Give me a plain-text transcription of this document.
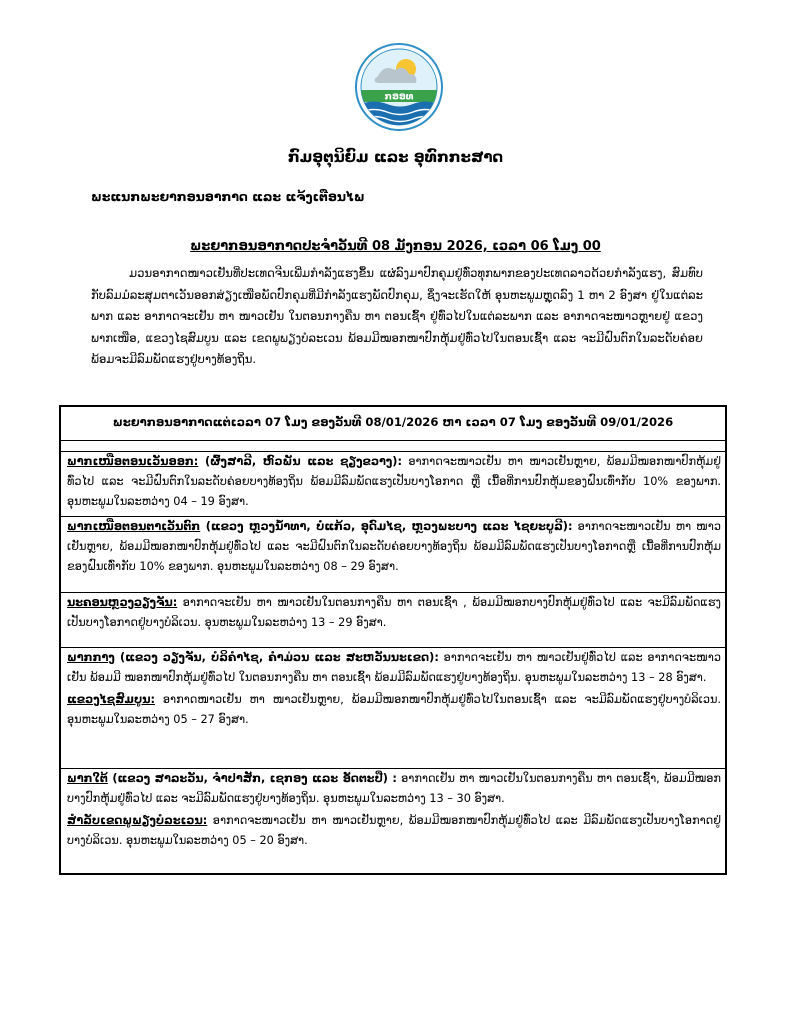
ກອອທ
ກົມອຸຕຸນິຍົມ ແລະ ອຸທົກກະສາດ
ພະແນກພະຍາກອນອາກາດ ແລະ ແຈ້ງເຕືອນໄພ
ພະຍາກອນອາກາດປະຈໍາວັນທີ 08 ມັງກອນ 2026, ເວລາ 06 ໂມງ 00

ມວນອາກາດໜາວເຢັນທີ່ປະເທດຈີນເພີ່ມກໍາລັງແຮງຂຶ້ນ ແຜ່ລົງມາປົກຄຸມຢູ່ທົ່ວທຸກພາກຂອງປະເທດລາວດ້ວຍກໍາລັງແຮງ, ສົມທົບກັບລົມມໍລະສຸມຕາເວັນອອກສ່ຽງເໜືອພັດປົກຄຸມທີ່ມີກໍາລັງແຮງພັດປົກຄຸມ, ຊຶ່ງຈະເຮັດໃຫ້ ອຸນຫະພູມຫຼຸດລົງ 1 ຫາ 2 ອົງສາ ຢູ່ໃນແຕ່ລະພາກ ແລະ ອາກາດຈະເຢັນ ຫາ ໜາວເຢັນ ໃນຕອນກາງຄືນ ຫາ ຕອນເຊົ້າ ຢູ່ທົ່ວໄປໃນແຕ່ລະພາກ ແລະ ອາກາດຈະໜາວຫຼາຍຢູ່ ແຂວງພາກເໜືອ, ແຂວງໄຊສົມບູນ ແລະ ເຂດພູພຽງບໍລະເວນ ພ້ອມມີໝອກໜາປົກຫຸ້ມຢູ່ທົ່ວໄປໃນຕອນເຊົ້າ ແລະ ຈະມີຝົນຕົກໃນລະດັບຄ່ອຍ ພ້ອມຈະມີລົມພັດແຮງຢູ່ບາງທ້ອງຖິ່ນ.

ພະຍາກອນອາກາດແຕ່ເວລາ 07 ໂມງ ຂອງວັນທີ 08/01/2026 ຫາ ເວລາ 07 ໂມງ ຂອງວັນທີ 09/01/2026

ພາກເໜືອຕອນເວັນອອກ: (ຜົ້ງສາລີ, ຫົວພັນ ແລະ ຊຽງຂວາງ): ອາກາດຈະໜາວເຢັນ ຫາ ໜາວເຢັນຫຼາຍ, ພ້ອມມີໝອກໜາປົກຫຸ້ມຢູ່ທົ່ວໄປ ແລະ ຈະມີຝົນຕົກໃນລະດັບຄ່ອຍບາງທ້ອງຖິ່ນ ພ້ອມມີລົມພັດແຮງເປັນບາງໂອກາດ ຫຼື ເນື້ອທີ່ການປົກຫຸ້ມຂອງຝົນເທົ່າກັບ 10% ຂອງພາກ. ອຸນຫະພູມໃນລະຫວ່າງ 04 – 19 ອົງສາ.

ພາກເໜືອຕອນຕາເວັນຕົກ (ແຂວງ ຫຼວງນໍ້າທາ, ບໍ່ແກ້ວ, ອຸດົມໄຊ, ຫຼວງພະບາງ ແລະ ໄຊຍະບູລີ): ອາກາດຈະໜາວເຢັນ ຫາ ໜາວເຢັນຫຼາຍ, ພ້ອມມີໝອກໜາປົກຫຸ້ມຢູ່ທົ່ວໄປ ແລະ ຈະມີຝົນຕົກໃນລະດັບຄ່ອຍບາງທ້ອງຖິ່ນ ພ້ອມມີລົມພັດແຮງເປັນບາງໂອກາດຫຼື ເນື້ອທີ່ການປົກຫຸ້ມຂອງຝົນເທົ່າກັບ 10% ຂອງພາກ. ອຸນຫະພູມໃນລະຫວ່າງ 08 – 29 ອົງສາ.

ນະຄອນຫຼວງວຽງຈັນ: ອາກາດຈະເຢັນ ຫາ ໜາວເຢັນໃນຕອນກາງຄືນ ຫາ ຕອນເຊົ້າ , ພ້ອມມີໝອກບາງປົກຫຸ້ມຢູ່ທົ່ວໄປ ແລະ ຈະມີລົມພັດແຮງເປັນບາງໂອກາດຢູ່ບາງບໍລິເວນ. ອຸນຫະພູມໃນລະຫວ່າງ 13 – 29 ອົງສາ.

ພາກກາງ (ແຂວງ ວຽງຈັນ, ບໍລິຄໍາໄຊ, ຄໍາມ່ວນ ແລະ ສະຫວັນນະເຂດ): ອາກາດຈະເຢັນ ຫາ ໜາວເຢັນຢູ່ທົ່ວໄປ ແລະ ອາກາດຈະໜາວເຢັນ ພ້ອມມີ ໝອກໜາປົກຫຸ້ມຢູ່ທົ່ວໄປ ໃນຕອນກາງຄືນ ຫາ ຕອນເຊົ້າ ພ້ອມມີລົມພັດແຮງຢູ່ບາງທ້ອງຖິ່ນ. ອຸນຫະພູມໃນລະຫວ່າງ 13 – 28 ອົງສາ.

ແຂວງໄຊສົມບູນ: ອາກາດໜາວເຢັນ ຫາ ໜາວເຢັນຫຼາຍ, ພ້ອມມີໝອກໜາປົກຫຸ້ມຢູ່ທົ່ວໄປໃນຕອນເຊົ້າ ແລະ ຈະມີລົມພັດແຮງຢູ່ບາງບໍລິເວນ. ອຸນຫະພູມໃນລະຫວ່າງ 05 – 27 ອົງສາ.

ພາກໃຕ້ (ແຂວງ ສາລະວັນ, ຈໍາປາສັກ, ເຊກອງ ແລະ ອັດຕະປື) : ອາກາດເຢັນ ຫາ ໜາວເຢັນໃນຕອນກາງຄືນ ຫາ ຕອນເຊົ້າ, ພ້ອມມີໝອກບາງປົກຫຸ້ມຢູ່ທົ່ວໄປ ແລະ ຈະມີລົມພັດແຮງຢູ່ບາງທ້ອງຖິ່ນ. ອຸນຫະພູມໃນລະຫວ່າງ 13 – 30 ອົງສາ.

ສໍາລັບເຂດພູພຽງບໍລະເວນ: ອາກາດຈະໜາວເຢັນ ຫາ ໜາວເຢັນຫຼາຍ, ພ້ອມມີໝອກໜາປົກຫຸ້ມຢູ່ທົ່ວໄປ ແລະ ມີລົມພັດແຮງເປັນບາງໂອກາດຢູ່ບາງບໍລິເວນ. ອຸນຫະພູມໃນລະຫວ່າງ 05 – 20 ອົງສາ.
